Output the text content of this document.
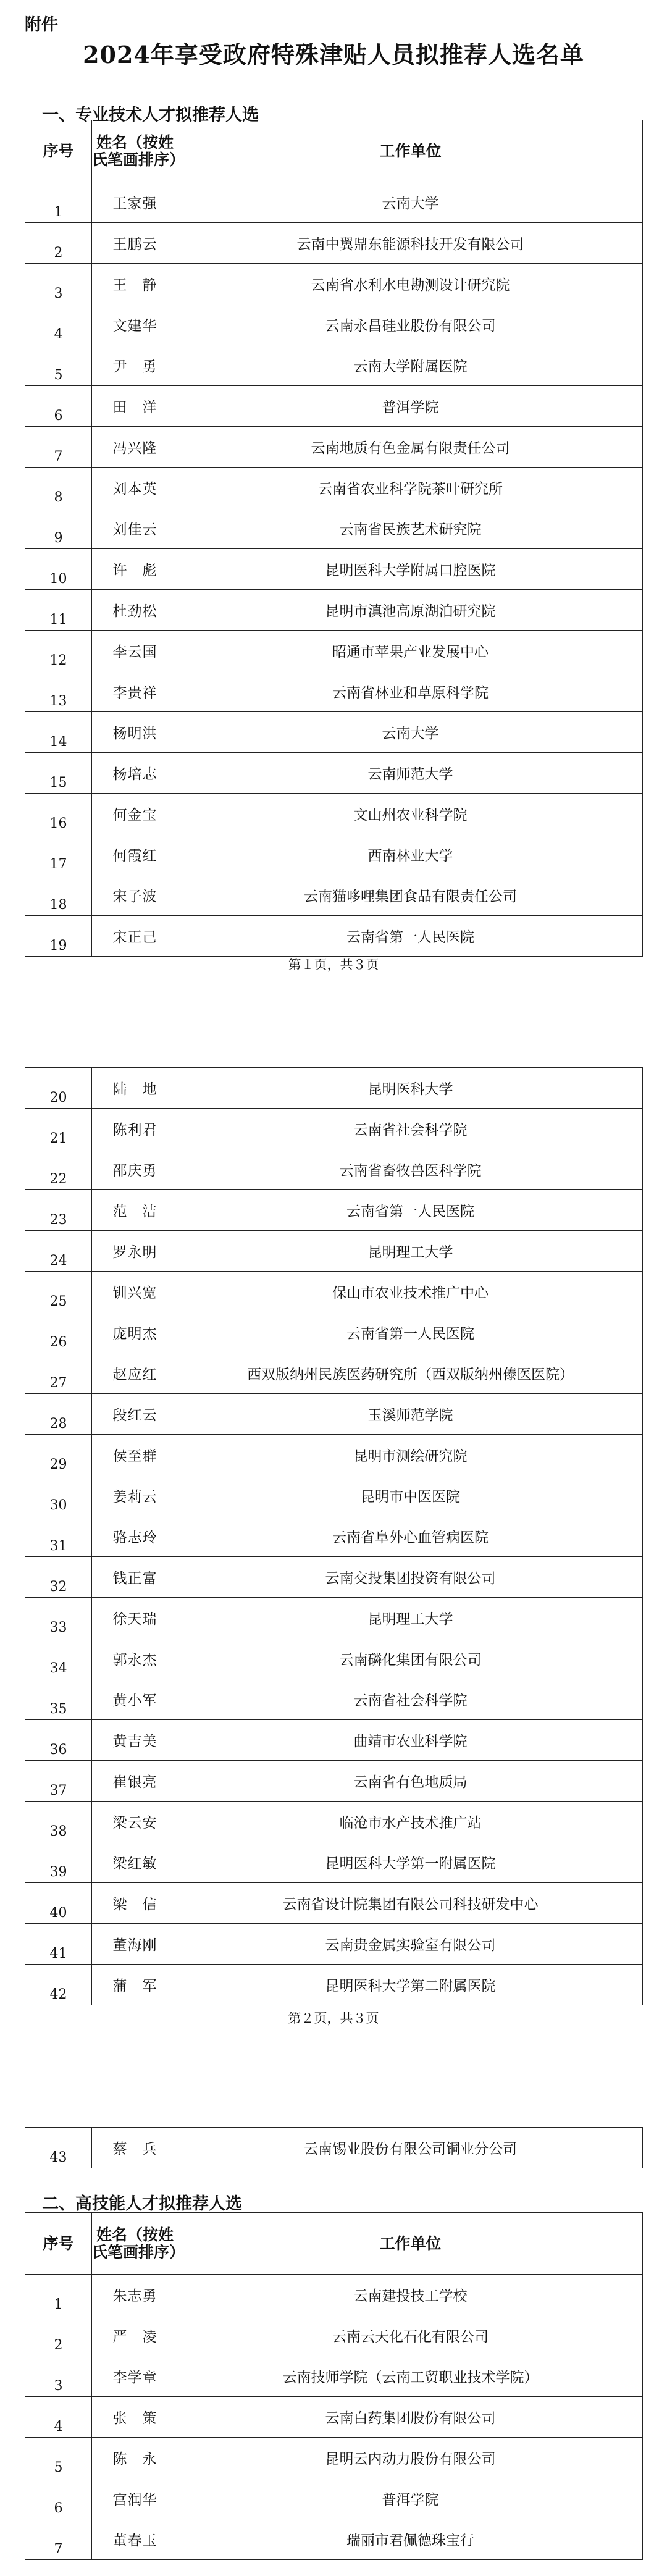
附件
2024年享受政府特殊津贴人员拟推荐人选名单
一、专业技术人才拟推荐人选
序号	姓名（按姓氏笔画排序）	工作单位
1	王家强	云南大学
2	王鹏云	云南中翼鼎东能源科技开发有限公司
3	王　静	云南省水利水电勘测设计研究院
4	文建华	云南永昌硅业股份有限公司
5	尹　勇	云南大学附属医院
6	田　洋	普洱学院
7	冯兴隆	云南地质有色金属有限责任公司
8	刘本英	云南省农业科学院茶叶研究所
9	刘佳云	云南省民族艺术研究院
10	许　彪	昆明医科大学附属口腔医院
11	杜劲松	昆明市滇池高原湖泊研究院
12	李云国	昭通市苹果产业发展中心
13	李贵祥	云南省林业和草原科学院
14	杨明洪	云南大学
15	杨培志	云南师范大学
16	何金宝	文山州农业科学院
17	何霞红	西南林业大学
18	宋子波	云南猫哆哩集团食品有限责任公司
19	宋正己	云南省第一人民医院
第１页，共３页
20	陆　地	昆明医科大学
21	陈利君	云南省社会科学院
22	邵庆勇	云南省畜牧兽医科学院
23	范　洁	云南省第一人民医院
24	罗永明	昆明理工大学
25	钏兴宽	保山市农业技术推广中心
26	庞明杰	云南省第一人民医院
27	赵应红	西双版纳州民族医药研究所（西双版纳州傣医医院）
28	段红云	玉溪师范学院
29	侯至群	昆明市测绘研究院
30	姜莉云	昆明市中医医院
31	骆志玲	云南省阜外心血管病医院
32	钱正富	云南交投集团投资有限公司
33	徐天瑞	昆明理工大学
34	郭永杰	云南磷化集团有限公司
35	黄小军	云南省社会科学院
36	黄吉美	曲靖市农业科学院
37	崔银亮	云南省有色地质局
38	梁云安	临沧市水产技术推广站
39	梁红敏	昆明医科大学第一附属医院
40	梁　信	云南省设计院集团有限公司科技研发中心
41	董海刚	云南贵金属实验室有限公司
42	蒲　军	昆明医科大学第二附属医院
第２页，共３页
43	蔡　兵	云南锡业股份有限公司铜业分公司
二、高技能人才拟推荐人选
序号	姓名（按姓氏笔画排序）	工作单位
1	朱志勇	云南建投技工学校
2	严　凌	云南云天化石化有限公司
3	李学章	云南技师学院（云南工贸职业技术学院）
4	张　策	云南白药集团股份有限公司
5	陈　永	昆明云内动力股份有限公司
6	宫润华	普洱学院
7	董春玉	瑞丽市君佩德珠宝行
